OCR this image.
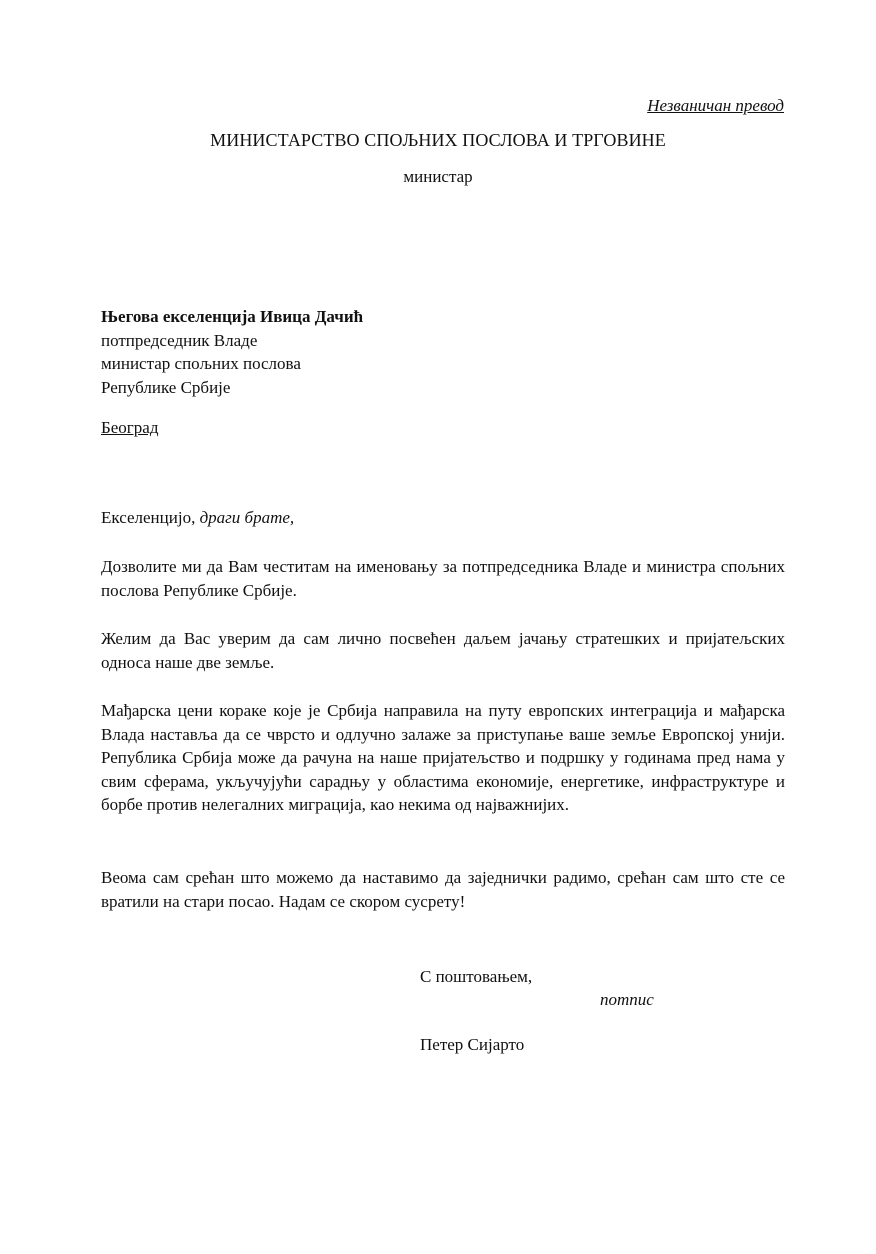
Незваничан превод

МИНИСТАРСТВО СПОЉНИХ ПОСЛОВА И ТРГОВИНЕ

министар

Његова екселенција Ивица Дачић
потпредседник Владе
министар спољних послова
Републике Србије

Београд

Екселенцијо, драги брате,

Дозволите ми да Вам честитам на именовању за потпредседника Владе и министра спољних послова Републике Србије.

Желим да Вас уверим да сам лично посвећен даљем јачању стратешких и пријатељских односа наше две земље.

Мађарска цени кораке које је Србија направила на путу европских интеграција и мађарска Влада наставља да се чврсто и одлучно залаже за приступање ваше земље Европској унији. Република Србија може да рачуна на наше пријатељство и подршку у годинама пред нама у свим сферама, укључујући сарадњу у областима економије, енергетике, инфраструктуре и борбе против нелегалних миграција, као некима од најважнијих.

Веома сам срећан што можемо да наставимо да заједнички радимо, срећан сам што сте се вратили на стари посао. Надам се скором сусрету!

С поштовањем,

потпис

Петер Сијарто
